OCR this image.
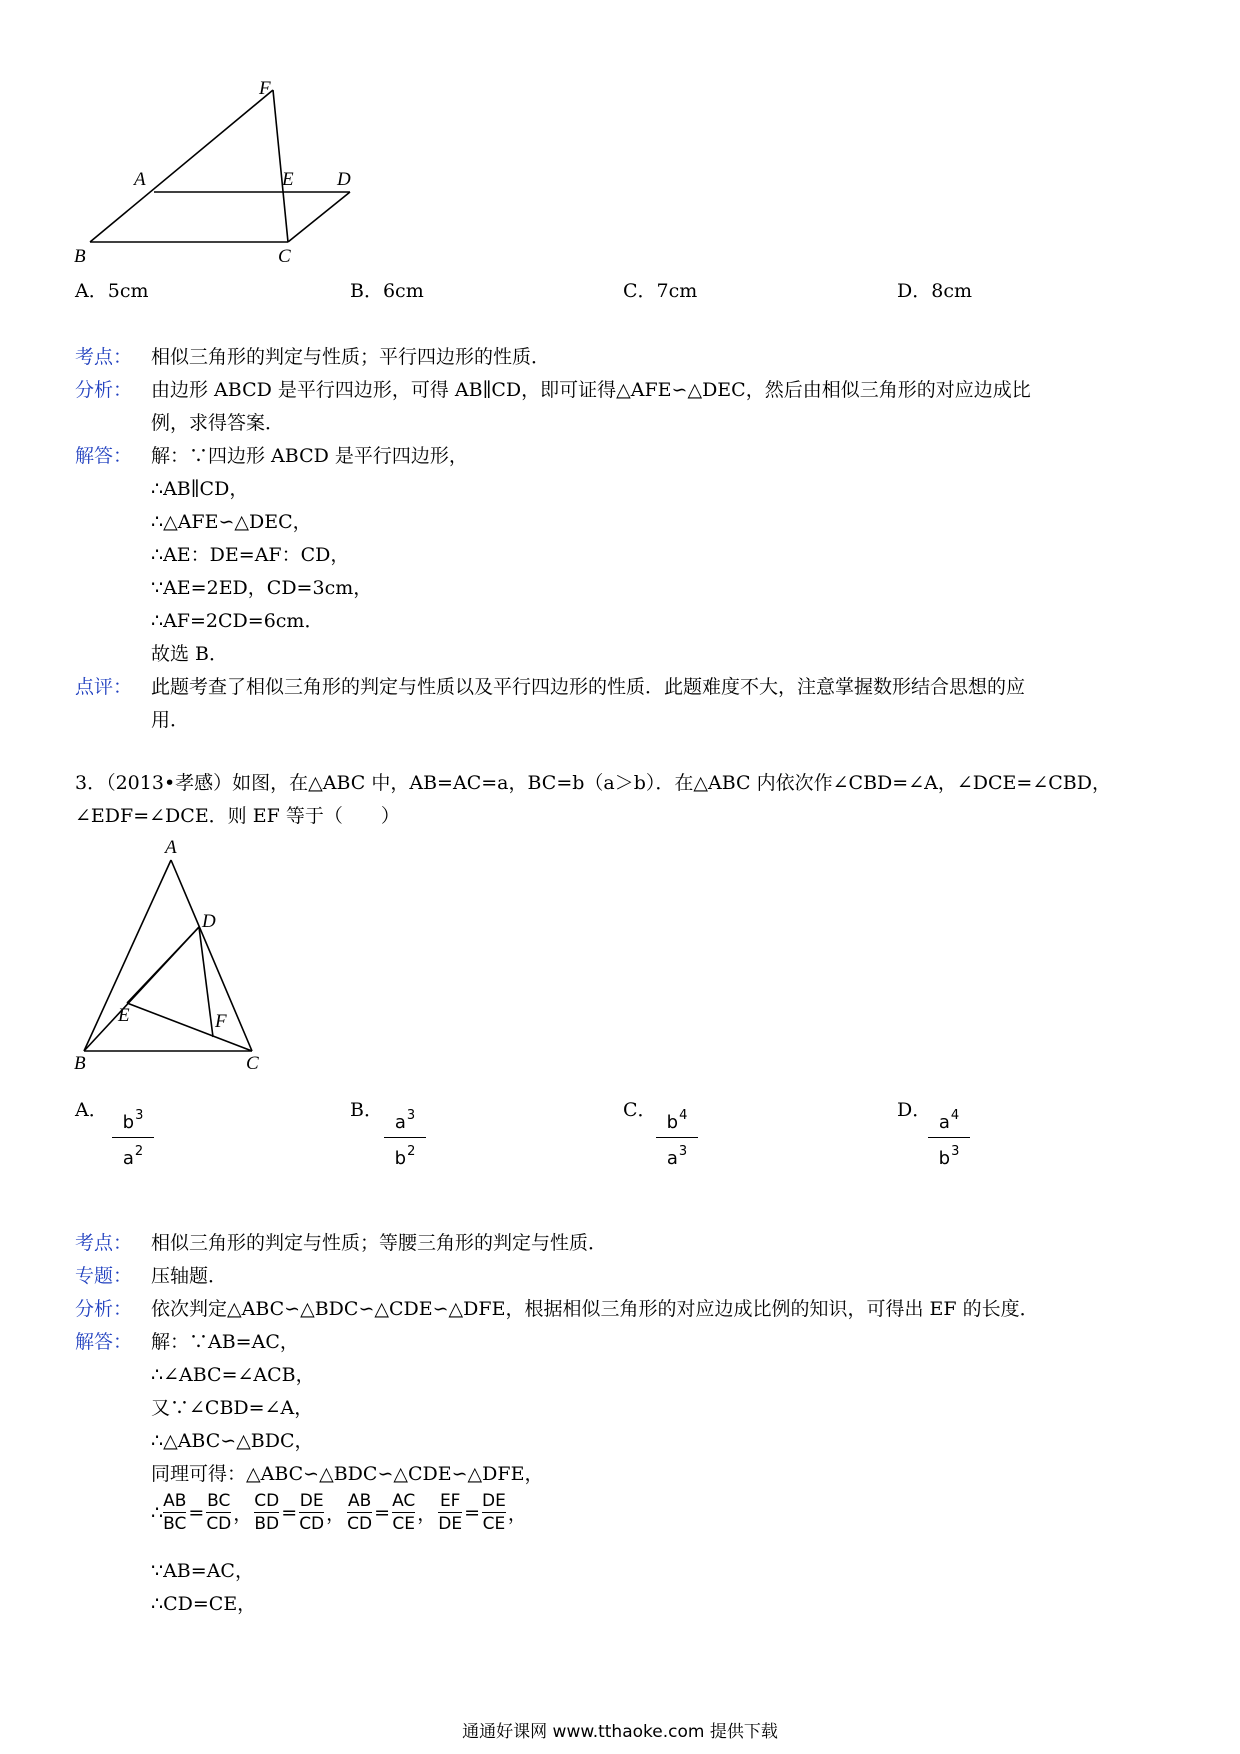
F
A	E D
B	C
A．5cm	B．6cm	C．7cm	D．8cm
考点： 相似三角形的判定与性质；平行四边形的性质．
分析： 由边形 ABCD 是平行四边形，可得 AB∥CD，即可证得△AFE∽△DEC，然后由相似三角形的对应边成比
例，求得答案．
解答： 解：∵四边形 ABCD 是平行四边形，
∴AB∥CD，
∴△AFE∽△DEC，
∴AE：DE=AF：CD，
∵AE=2ED，CD=3cm，
∴AF=2CD=6cm．
故选 B．
点评： 此题考查了相似三角形的判定与性质以及平行四边形的性质．此题难度不大，注意掌握数形结合思想的应
用．
3．（2013•孝感）如图，在△ABC 中，AB=AC=a，BC=b（a＞b）．在△ABC 内依次作∠CBD=∠A，∠DCE=∠CBD，
∠EDF=∠DCE．则 EF 等于（　　）
A
D
E	F
B	C
A．
$b^3$
$a^2$
B．
$a^3$
$b^2$
C．
$b^4$
$a^3$
D．
$a^4$
$b^3$
考点： 相似三角形的判定与性质；等腰三角形的判定与性质．
专题： 压轴题．
分析： 依次判定△ABC∽△BDC∽△CDE∽△DFE，根据相似三角形的对应边成比例的知识，可得出 EF 的长度．
解答： 解：∵AB=AC，
∴∠ABC=∠ACB，
又∵∠CBD=∠A，
∴△ABC∽△BDC，
同理可得：△ABC∽△BDC∽△CDE∽△DFE，
∴ $\frac{AB}{BC} = \frac{BC}{CD}$ ， $\frac{CD}{BD} = \frac{DE}{CD}$ ， $\frac{AB}{CD} = \frac{AC}{CE}$ ， $\frac{EF}{DE} = \frac{DE}{CE}$ ，
∵AB=AC，
∴CD=CE，
通通好课网 www.tthaoke.com 提供下载
